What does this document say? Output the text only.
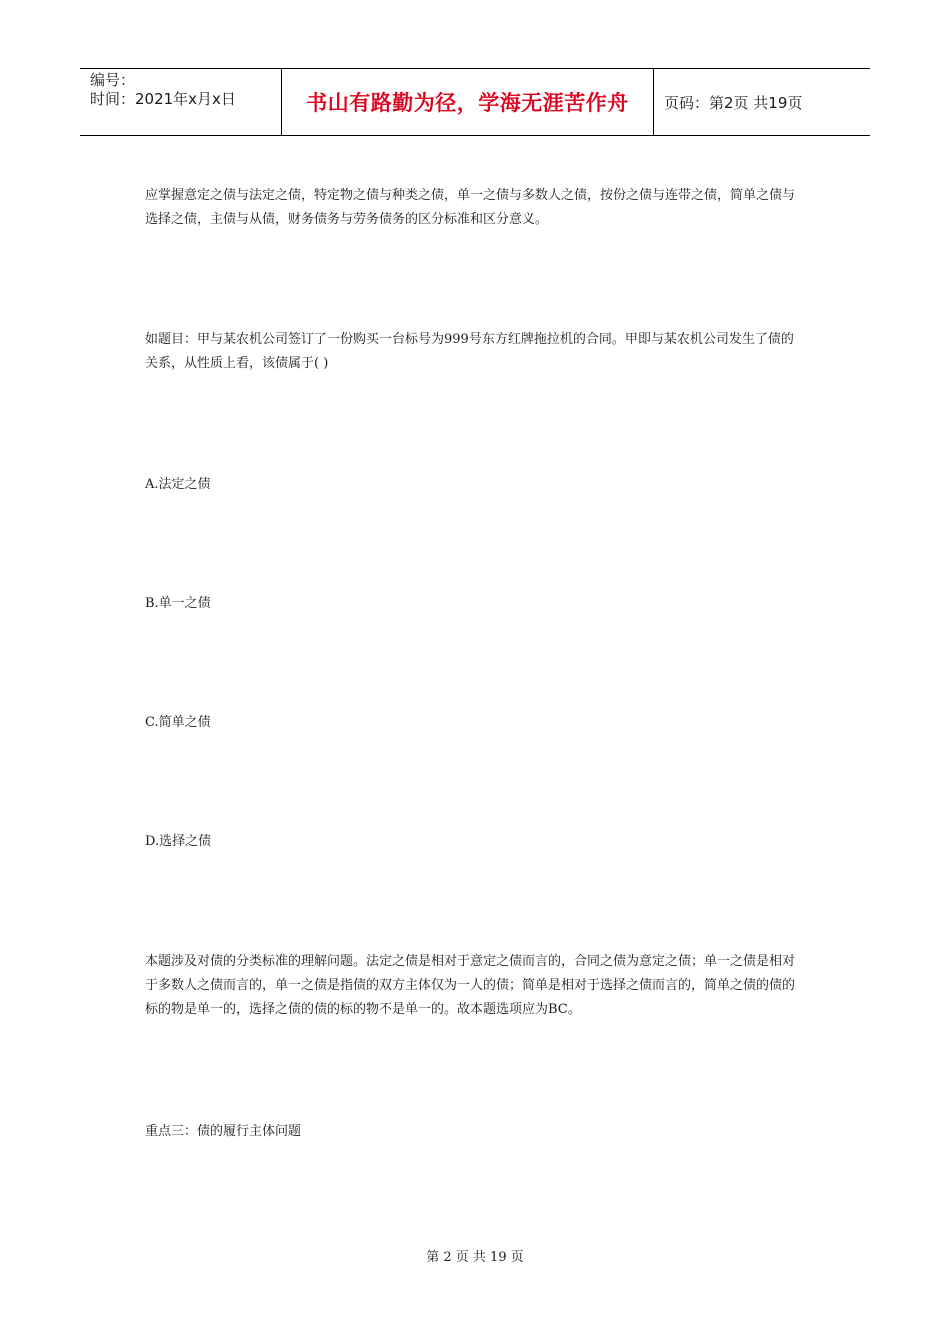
编号：
时间：2021年x月x日	书山有路勤为径，学海无涯苦作舟 页码：第2页 共19页
应掌握意定之债与法定之债，特定物之债与种类之债，单一之债与多数人之债，按份之债与连带之债，简单之债与选择之债，主债与从债，财务债务与劳务债务的区分标准和区分意义。
如题目：甲与某农机公司签订了一份购买一台标号为999号东方红牌拖拉机的合同。甲即与某农机公司发生了债的关系，从性质上看，该债属于( )
A.法定之债
B.单一之债
C.简单之债
D.选择之债
本题涉及对债的分类标准的理解问题。法定之债是相对于意定之债而言的，合同之债为意定之债；单一之债是相对于多数人之债而言的，单一之债是指债的双方主体仅为一人的债；简单是相对于选择之债而言的，简单之债的债的标的物是单一的，选择之债的债的标的物不是单一的。故本题选项应为BC。
重点三：债的履行主体问题
第 2 页 共 19 页
